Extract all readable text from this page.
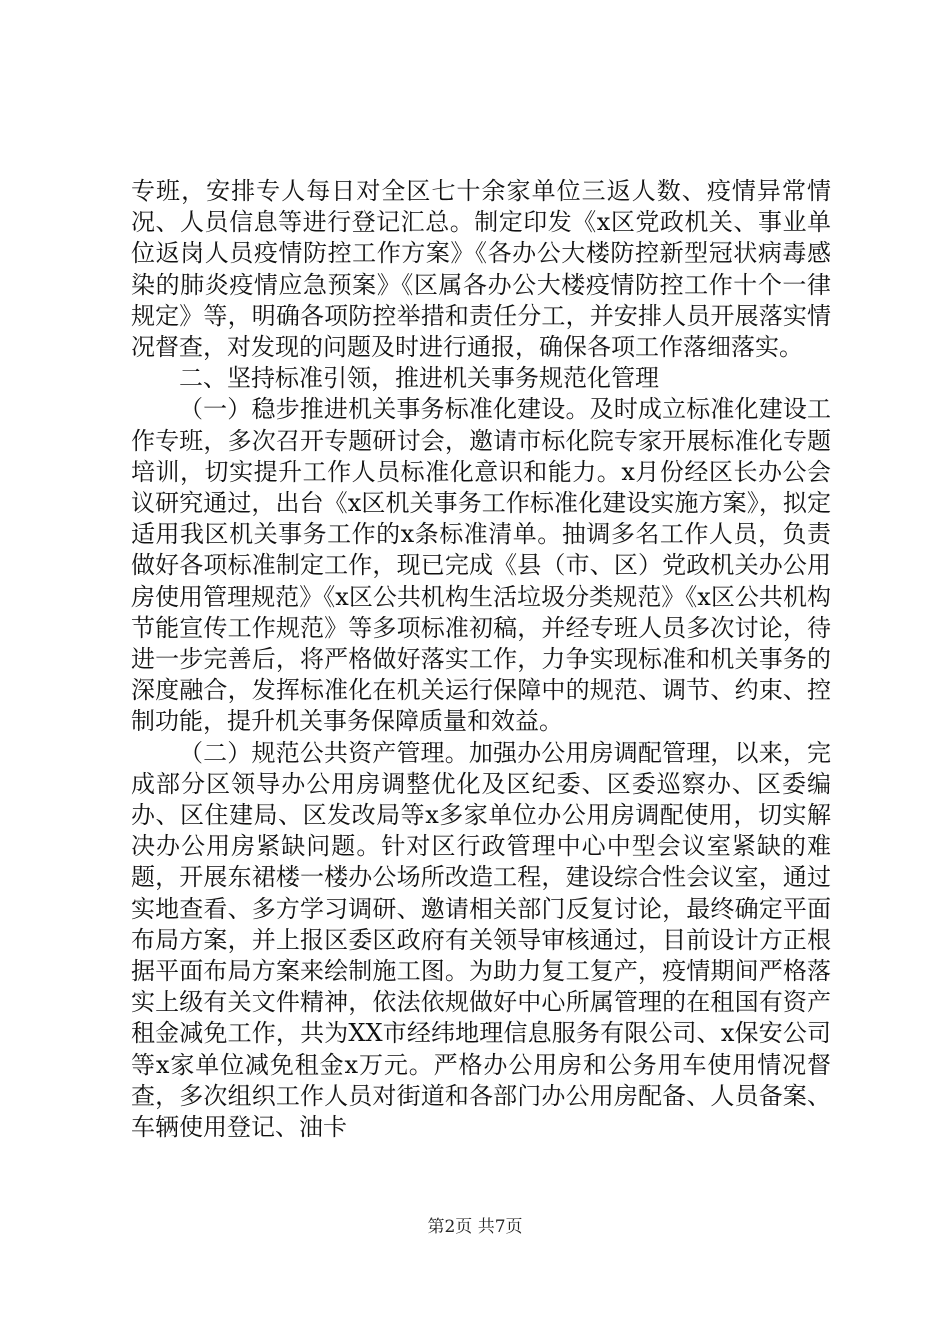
专班，安排专人每日对全区七十余家单位三返人数、疫情异常情况、人员信息等进行登记汇总。制定印发《x区党政机关、事业单位返岗人员疫情防控工作方案》《各办公大楼防控新型冠状病毒感染的肺炎疫情应急预案》《区属各办公大楼疫情防控工作十个一律规定》等，明确各项防控举措和责任分工，并安排人员开展落实情况督查，对发现的问题及时进行通报，确保各项工作落细落实。

二、坚持标准引领，推进机关事务规范化管理

（一）稳步推进机关事务标准化建设。及时成立标准化建设工作专班，多次召开专题研讨会，邀请市标化院专家开展标准化专题培训，切实提升工作人员标准化意识和能力。x月份经区长办公会议研究通过，出台《x区机关事务工作标准化建设实施方案》，拟定适用我区机关事务工作的x条标准清单。抽调多名工作人员，负责做好各项标准制定工作，现已完成《县（市、区）党政机关办公用房使用管理规范》《x区公共机构生活垃圾分类规范》《x区公共机构节能宣传工作规范》等多项标准初稿，并经专班人员多次讨论，待进一步完善后，将严格做好落实工作，力争实现标准和机关事务的深度融合，发挥标准化在机关运行保障中的规范、调节、约束、控制功能，提升机关事务保障质量和效益。

（二）规范公共资产管理。加强办公用房调配管理，以来，完成部分区领导办公用房调整优化及区纪委、区委巡察办、区委编办、区住建局、区发改局等x多家单位办公用房调配使用，切实解决办公用房紧缺问题。针对区行政管理中心中型会议室紧缺的难题，开展东裙楼一楼办公场所改造工程，建设综合性会议室，通过实地查看、多方学习调研、邀请相关部门反复讨论，最终确定平面布局方案，并上报区委区政府有关领导审核通过，目前设计方正根据平面布局方案来绘制施工图。为助力复工复产，疫情期间严格落实上级有关文件精神，依法依规做好中心所属管理的在租国有资产租金减免工作，共为XX市经纬地理信息服务有限公司、x保安公司等x家单位减免租金x万元。严格办公用房和公务用车使用情况督查，多次组织工作人员对街道和各部门办公用房配备、人员备案、车辆使用登记、油卡

第2页 共7页
